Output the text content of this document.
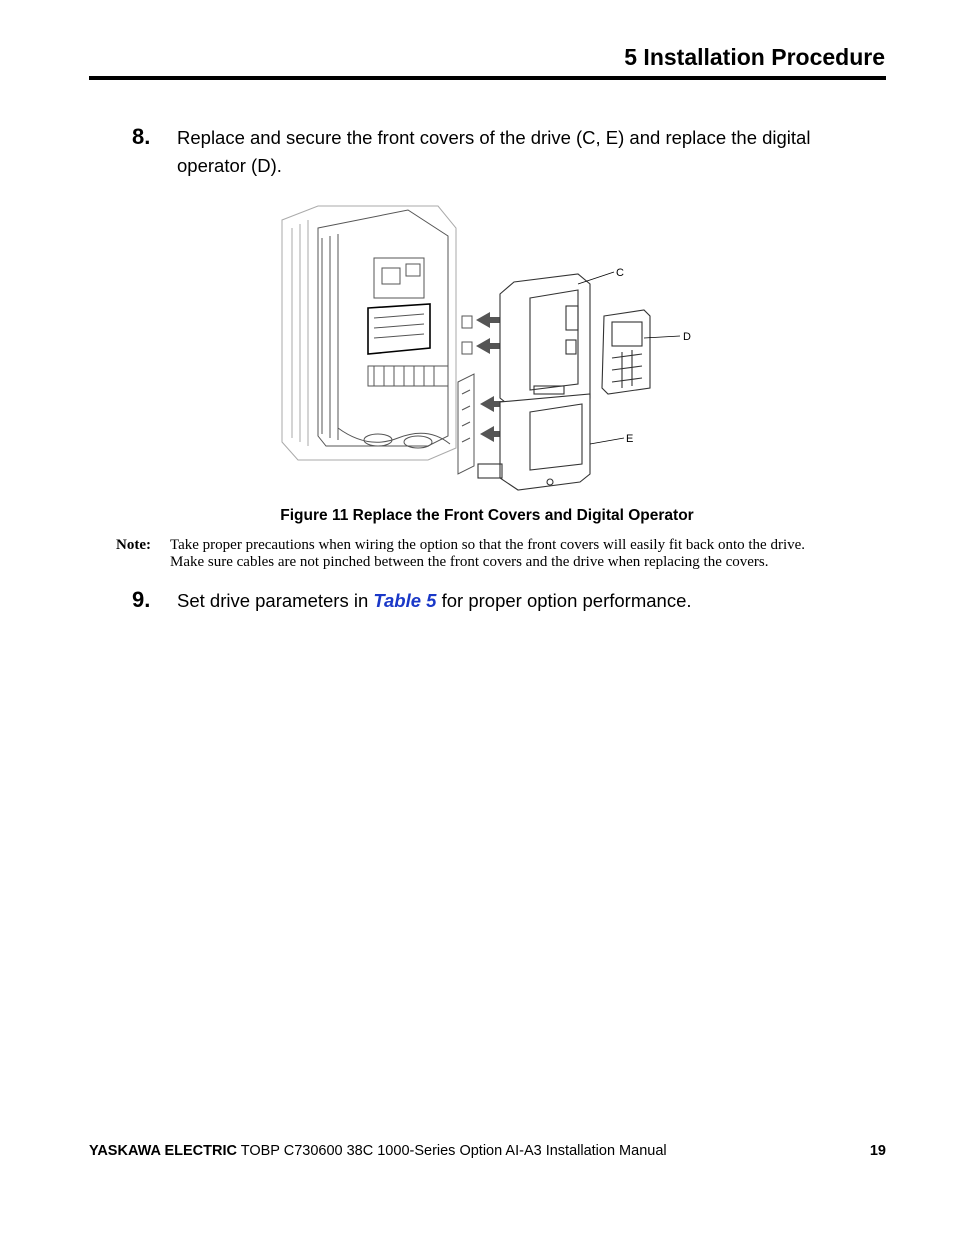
5 Installation Procedure
8. Replace and secure the front covers of the drive (C, E) and replace the digital
operator (D).
C
D
E
Figure 11 Replace the Front Covers and Digital Operator
Note: Take proper precautions when wiring the option so that the front covers will easily fit back onto the drive. Make sure cables are not pinched between the front covers and the drive when replacing the covers.
9. Set drive parameters in Table 5 for proper option performance.
YASKAWA ELECTRIC TOBP C730600 38C 1000-Series Option AI-A3 Installation Manual	19
